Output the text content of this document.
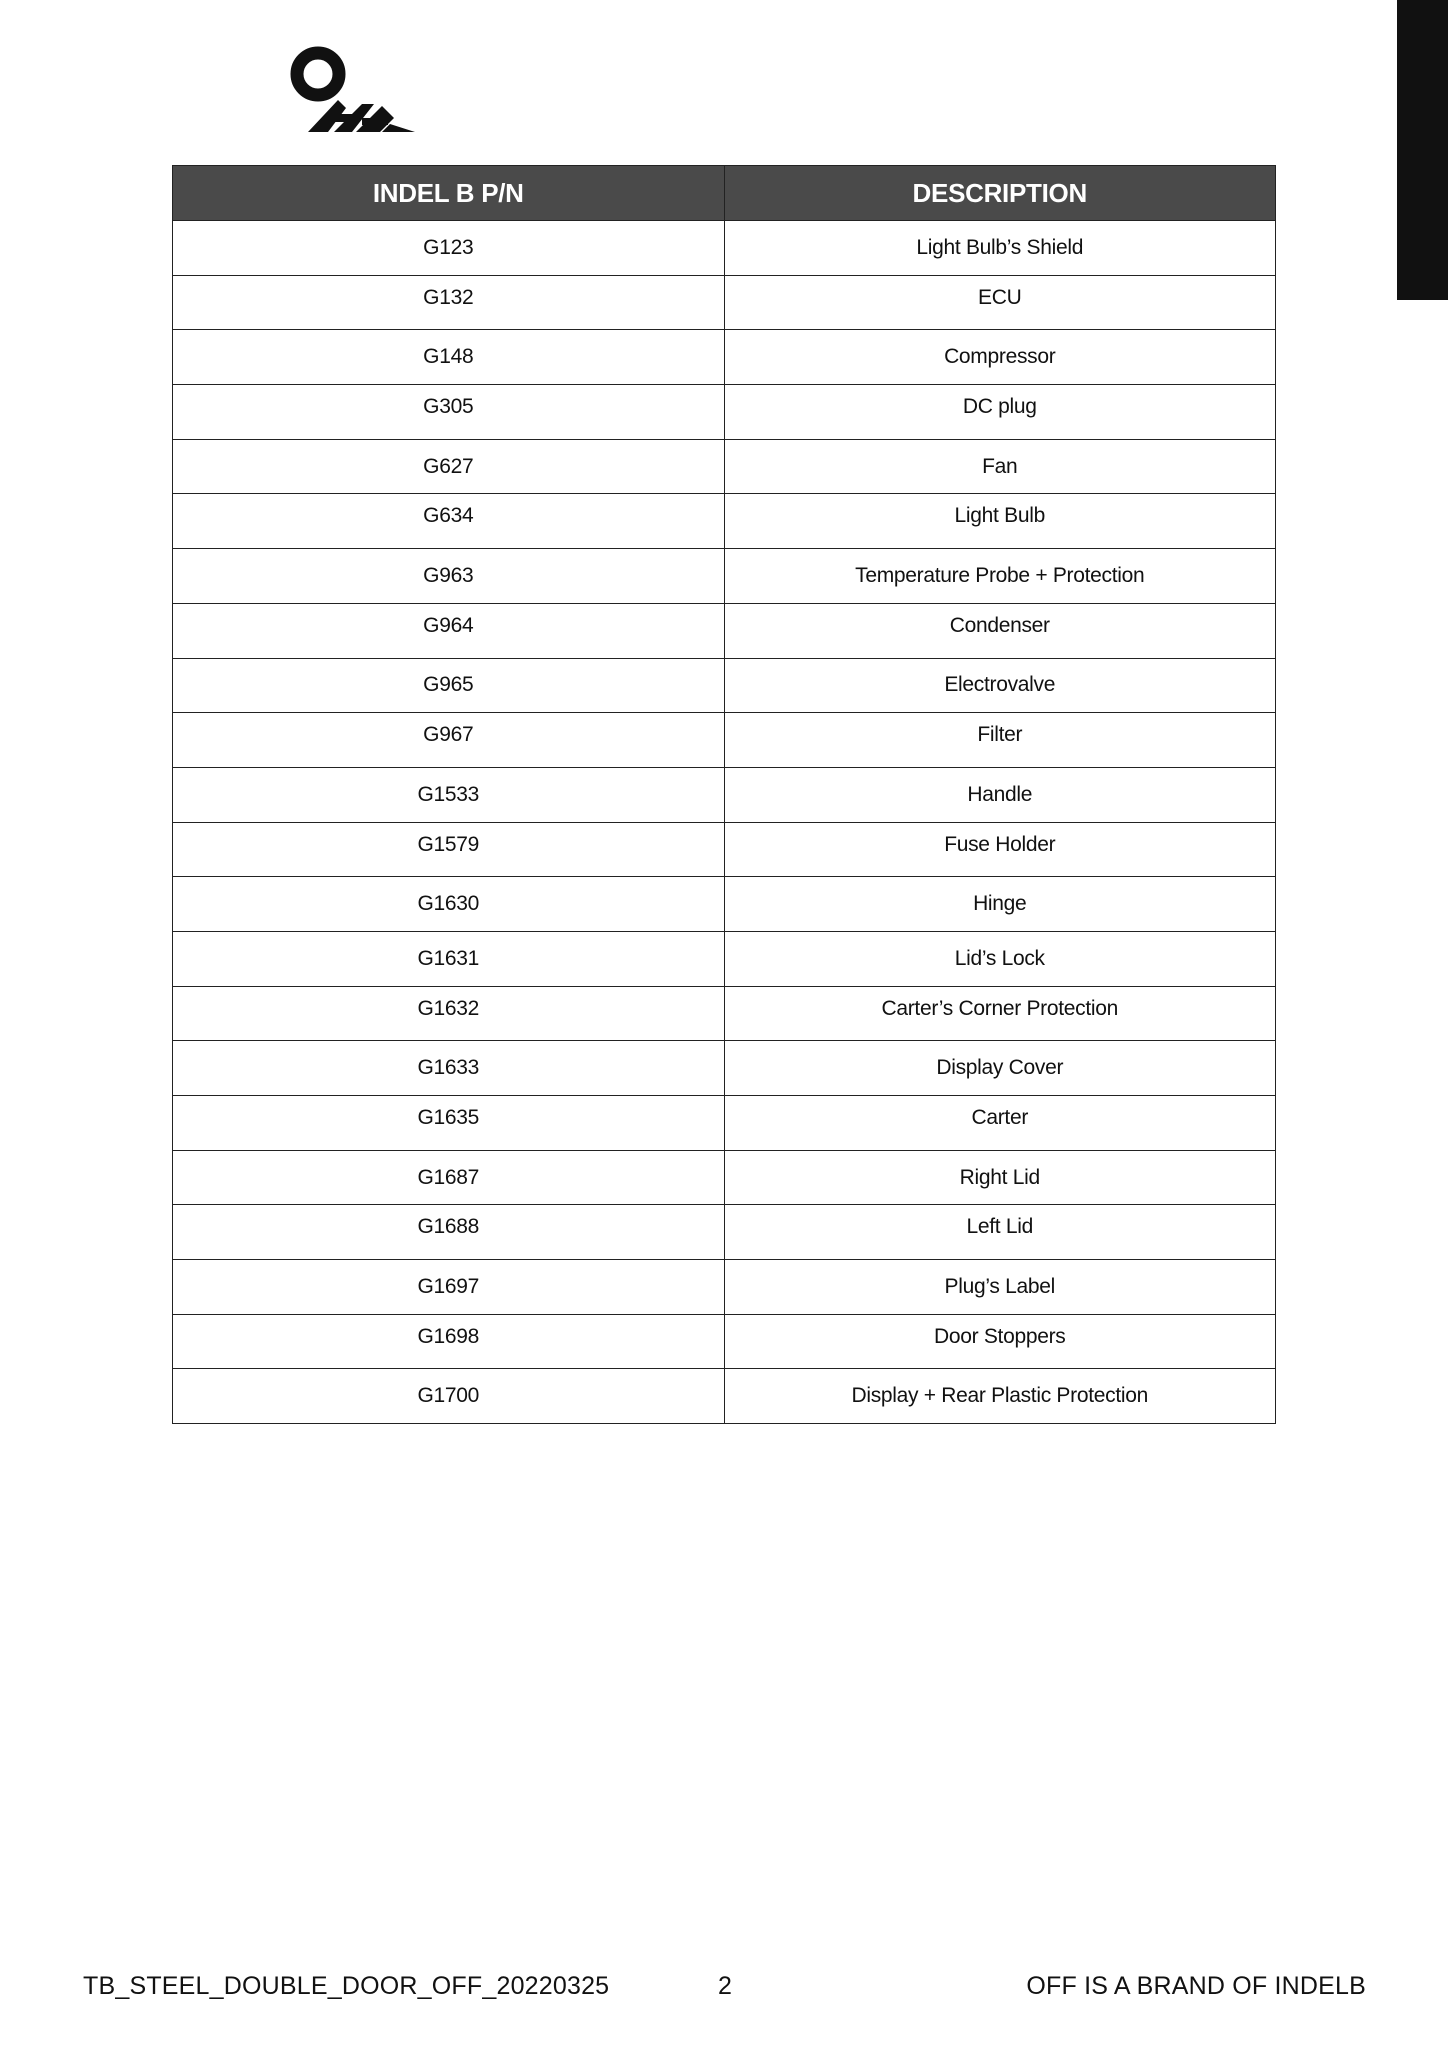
INDEL B P/N	DESCRIPTION
G123	Light Bulb’s Shield
G132	ECU
G148	Compressor
G305	DC plug
G627	Fan
G634	Light Bulb
G963	Temperature Probe + Protection
G964	Condenser
G965	Electrovalve
G967	Filter
G1533	Handle
G1579	Fuse Holder
G1630	Hinge
G1631	Lid’s Lock
G1632	Carter’s Corner Protection
G1633	Display Cover
G1635	Carter
G1687	Right Lid
G1688	Left Lid
G1697	Plug’s Label
G1698	Door Stoppers
G1700	Display + Rear Plastic Protection
TB_STEEL_DOUBLE_DOOR_OFF_20220325	2	OFF IS A BRAND OF INDELB
